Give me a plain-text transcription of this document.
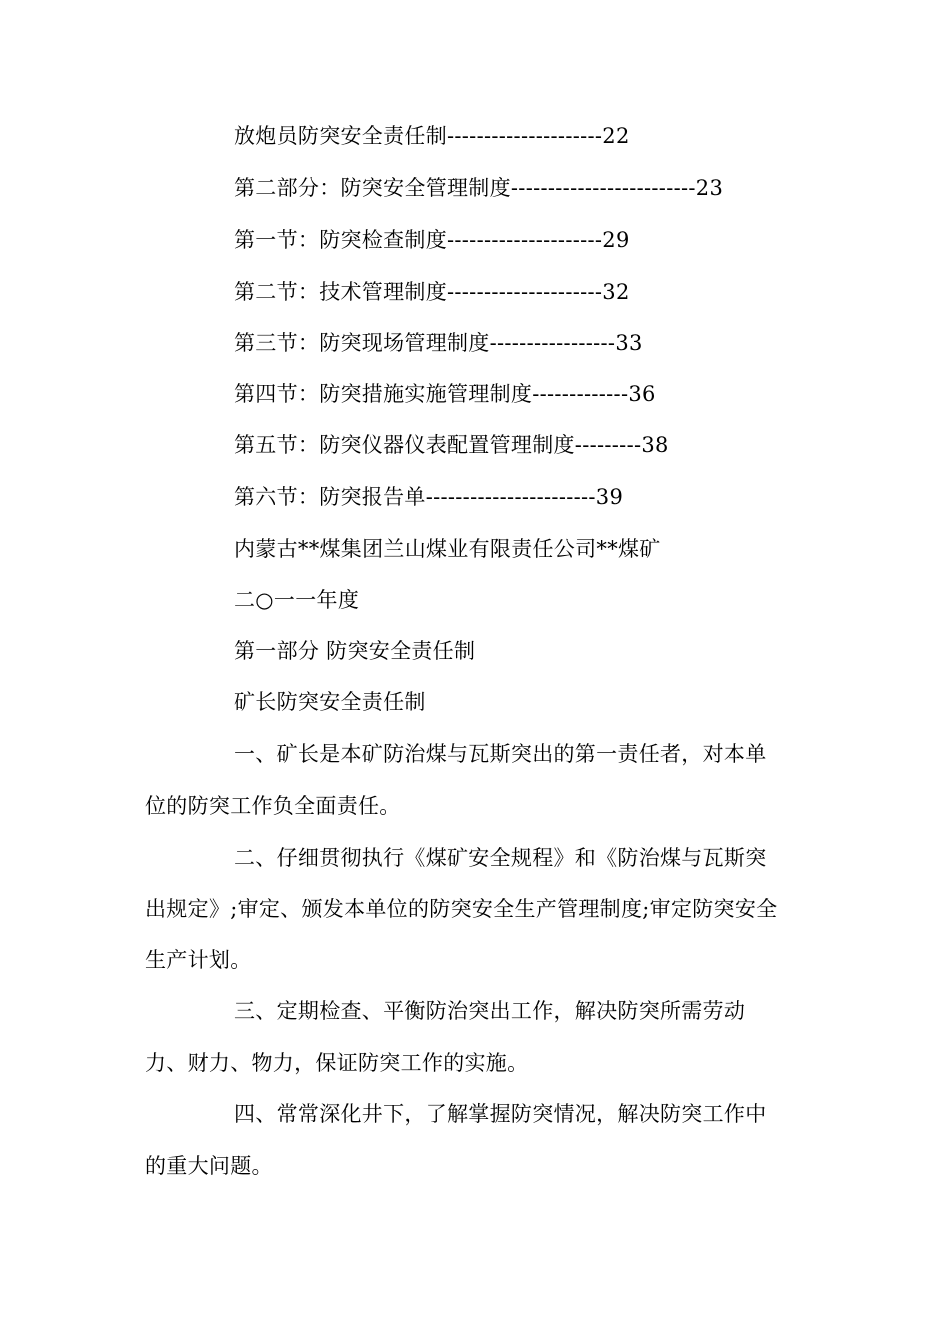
放炮员防突安全责任制---------------------22
第二部分：防突安全管理制度-------------------------23
第一节：防突检查制度---------------------29
第二节：技术管理制度---------------------32
第三节：防突现场管理制度-----------------33
第四节：防突措施实施管理制度-------------36
第五节：防突仪器仪表配置管理制度---------38
第六节：防突报告单-----------------------39
内蒙古**煤集团兰山煤业有限责任公司**煤矿
二○一一年度
第一部分 防突安全责任制
矿长防突安全责任制
一、矿长是本矿防治煤与瓦斯突出的第一责任者，对本单
位的防突工作负全面责任。
二、仔细贯彻执行《煤矿安全规程》和《防治煤与瓦斯突
出规定》;审定、颁发本单位的防突安全生产管理制度;审定防突安全
生产计划。
三、定期检查、平衡防治突出工作，解决防突所需劳动
力、财力、物力，保证防突工作的实施。
四、常常深化井下，了解掌握防突情况，解决防突工作中
的重大问题。
